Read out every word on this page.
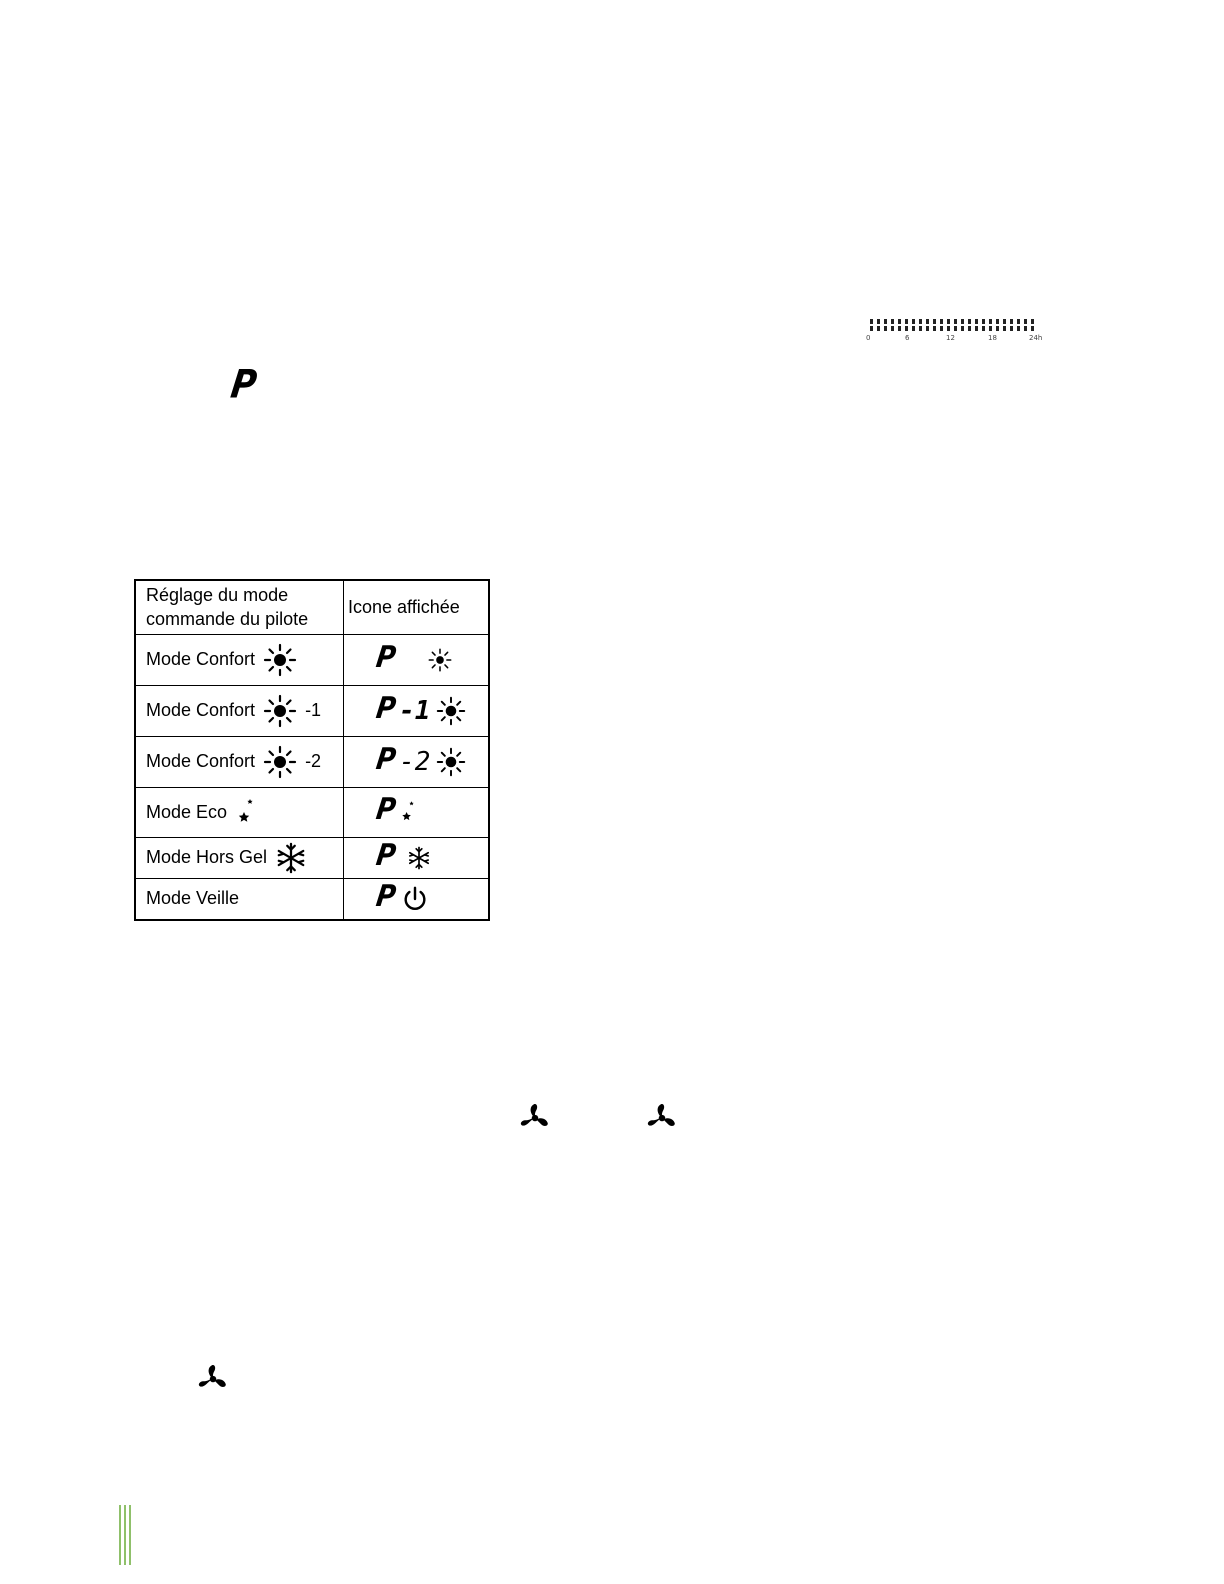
0	6	12	18	24h
P
Réglage du mode
commande du pilote	Icone affichée

Mode Confort	P

Mode Confort -1	P -1

Mode Confort -2	P -2

Mode Eco	P

Mode Hors Gel	P

Mode Veille	P
